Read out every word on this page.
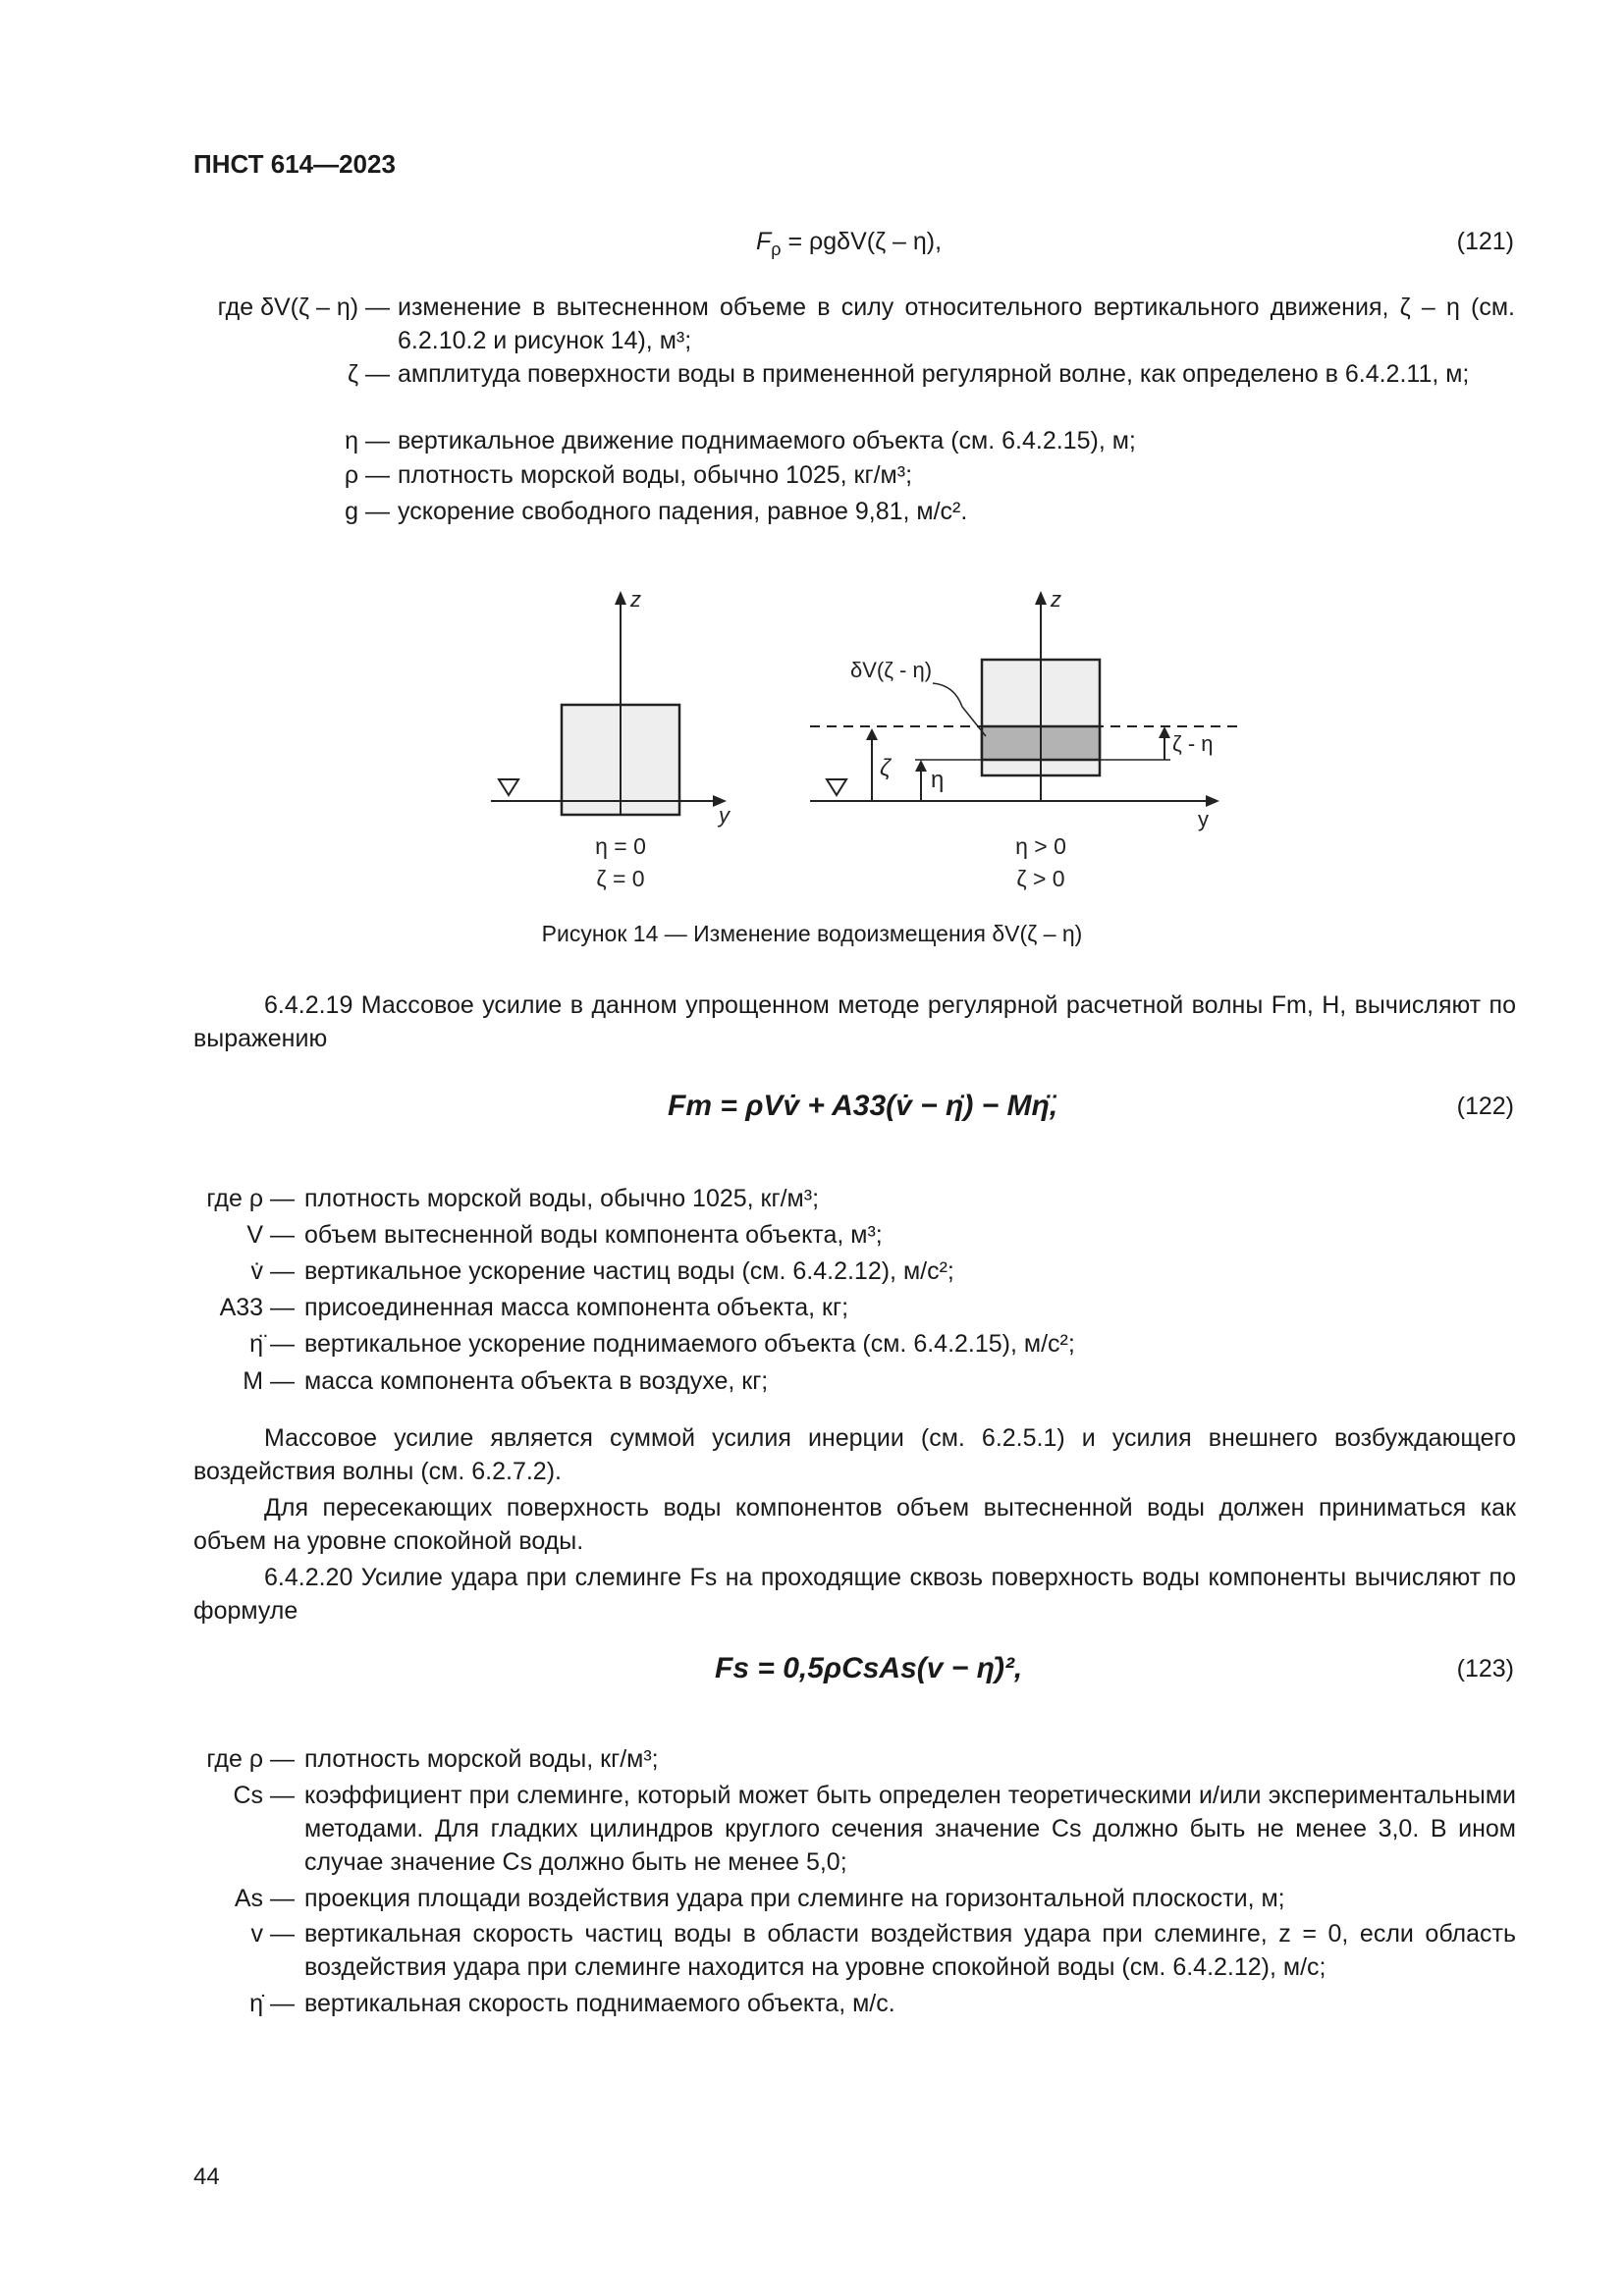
ПНСТ 614—2023
$F_\rho = \rho g\delta V(\zeta - \eta)$,	(121)
где δV(ζ – η) — изменение в вытесненном объеме в силу относительного вертикального движения, ζ – η (см. 6.2.10.2 и рисунок 14), м³;
ζ — амплитуда поверхности воды в примененной регулярной волне, как определено в 6.4.2.11, м;
η — вертикальное движение поднимаемого объекта (см. 6.4.2.15), м;
ρ — плотность морской воды, обычно 1025, кг/м³;
g — ускорение свободного падения, равное 9,81, м/с².
z
y
η = 0
ζ = 0
z
y
ζ η
ζ - η
δV(ζ - η)
η > 0
ζ > 0
Рисунок 14 — Изменение водоизмещения δV(ζ – η)
6.4.2.19 Массовое усилие в данном упрощенном методе регулярной расчетной волны Fm, Н, вычисляют по выражению
Fm = ρVv̇ + A33(v̇ − η̈) − Mη̈,	(122)
где ρ — плотность морской воды, обычно 1025, кг/м³;
V — объем вытесненной воды компонента объекта, м³;
v̇ — вертикальное ускорение частиц воды (см. 6.4.2.12), м/с²;
A33 — присоединенная масса компонента объекта, кг;
η̈ — вертикальное ускорение поднимаемого объекта (см. 6.4.2.15), м/с²;
M — масса компонента объекта в воздухе, кг;
Массовое усилие является суммой усилия инерции (см. 6.2.5.1) и усилия внешнего возбуждающего воздействия волны (см. 6.2.7.2).
Для пересекающих поверхность воды компонентов объем вытесненной воды должен приниматься как объем на уровне спокойной воды.
6.4.2.20 Усилие удара при слеминге Fs на проходящие сквозь поверхность воды компоненты вычисляют по формуле
Fs = 0,5ρCsAs(v − η̇)²,	(123)
где ρ — плотность морской воды, кг/м³;
Cs — коэффициент при слеминге, который может быть определен теоретическими и/или экспериментальными методами. Для гладких цилиндров круглого сечения значение Cs должно быть не менее 3,0. В ином случае значение Cs должно быть не менее 5,0;
As — проекция площади воздействия удара при слеминге на горизонтальной плоскости, м;
v — вертикальная скорость частиц воды в области воздействия удара при слеминге, z = 0, если область воздействия удара при слеминге находится на уровне спокойной воды (см. 6.4.2.12), м/с;
η̇ — вертикальная скорость поднимаемого объекта, м/с.
44
